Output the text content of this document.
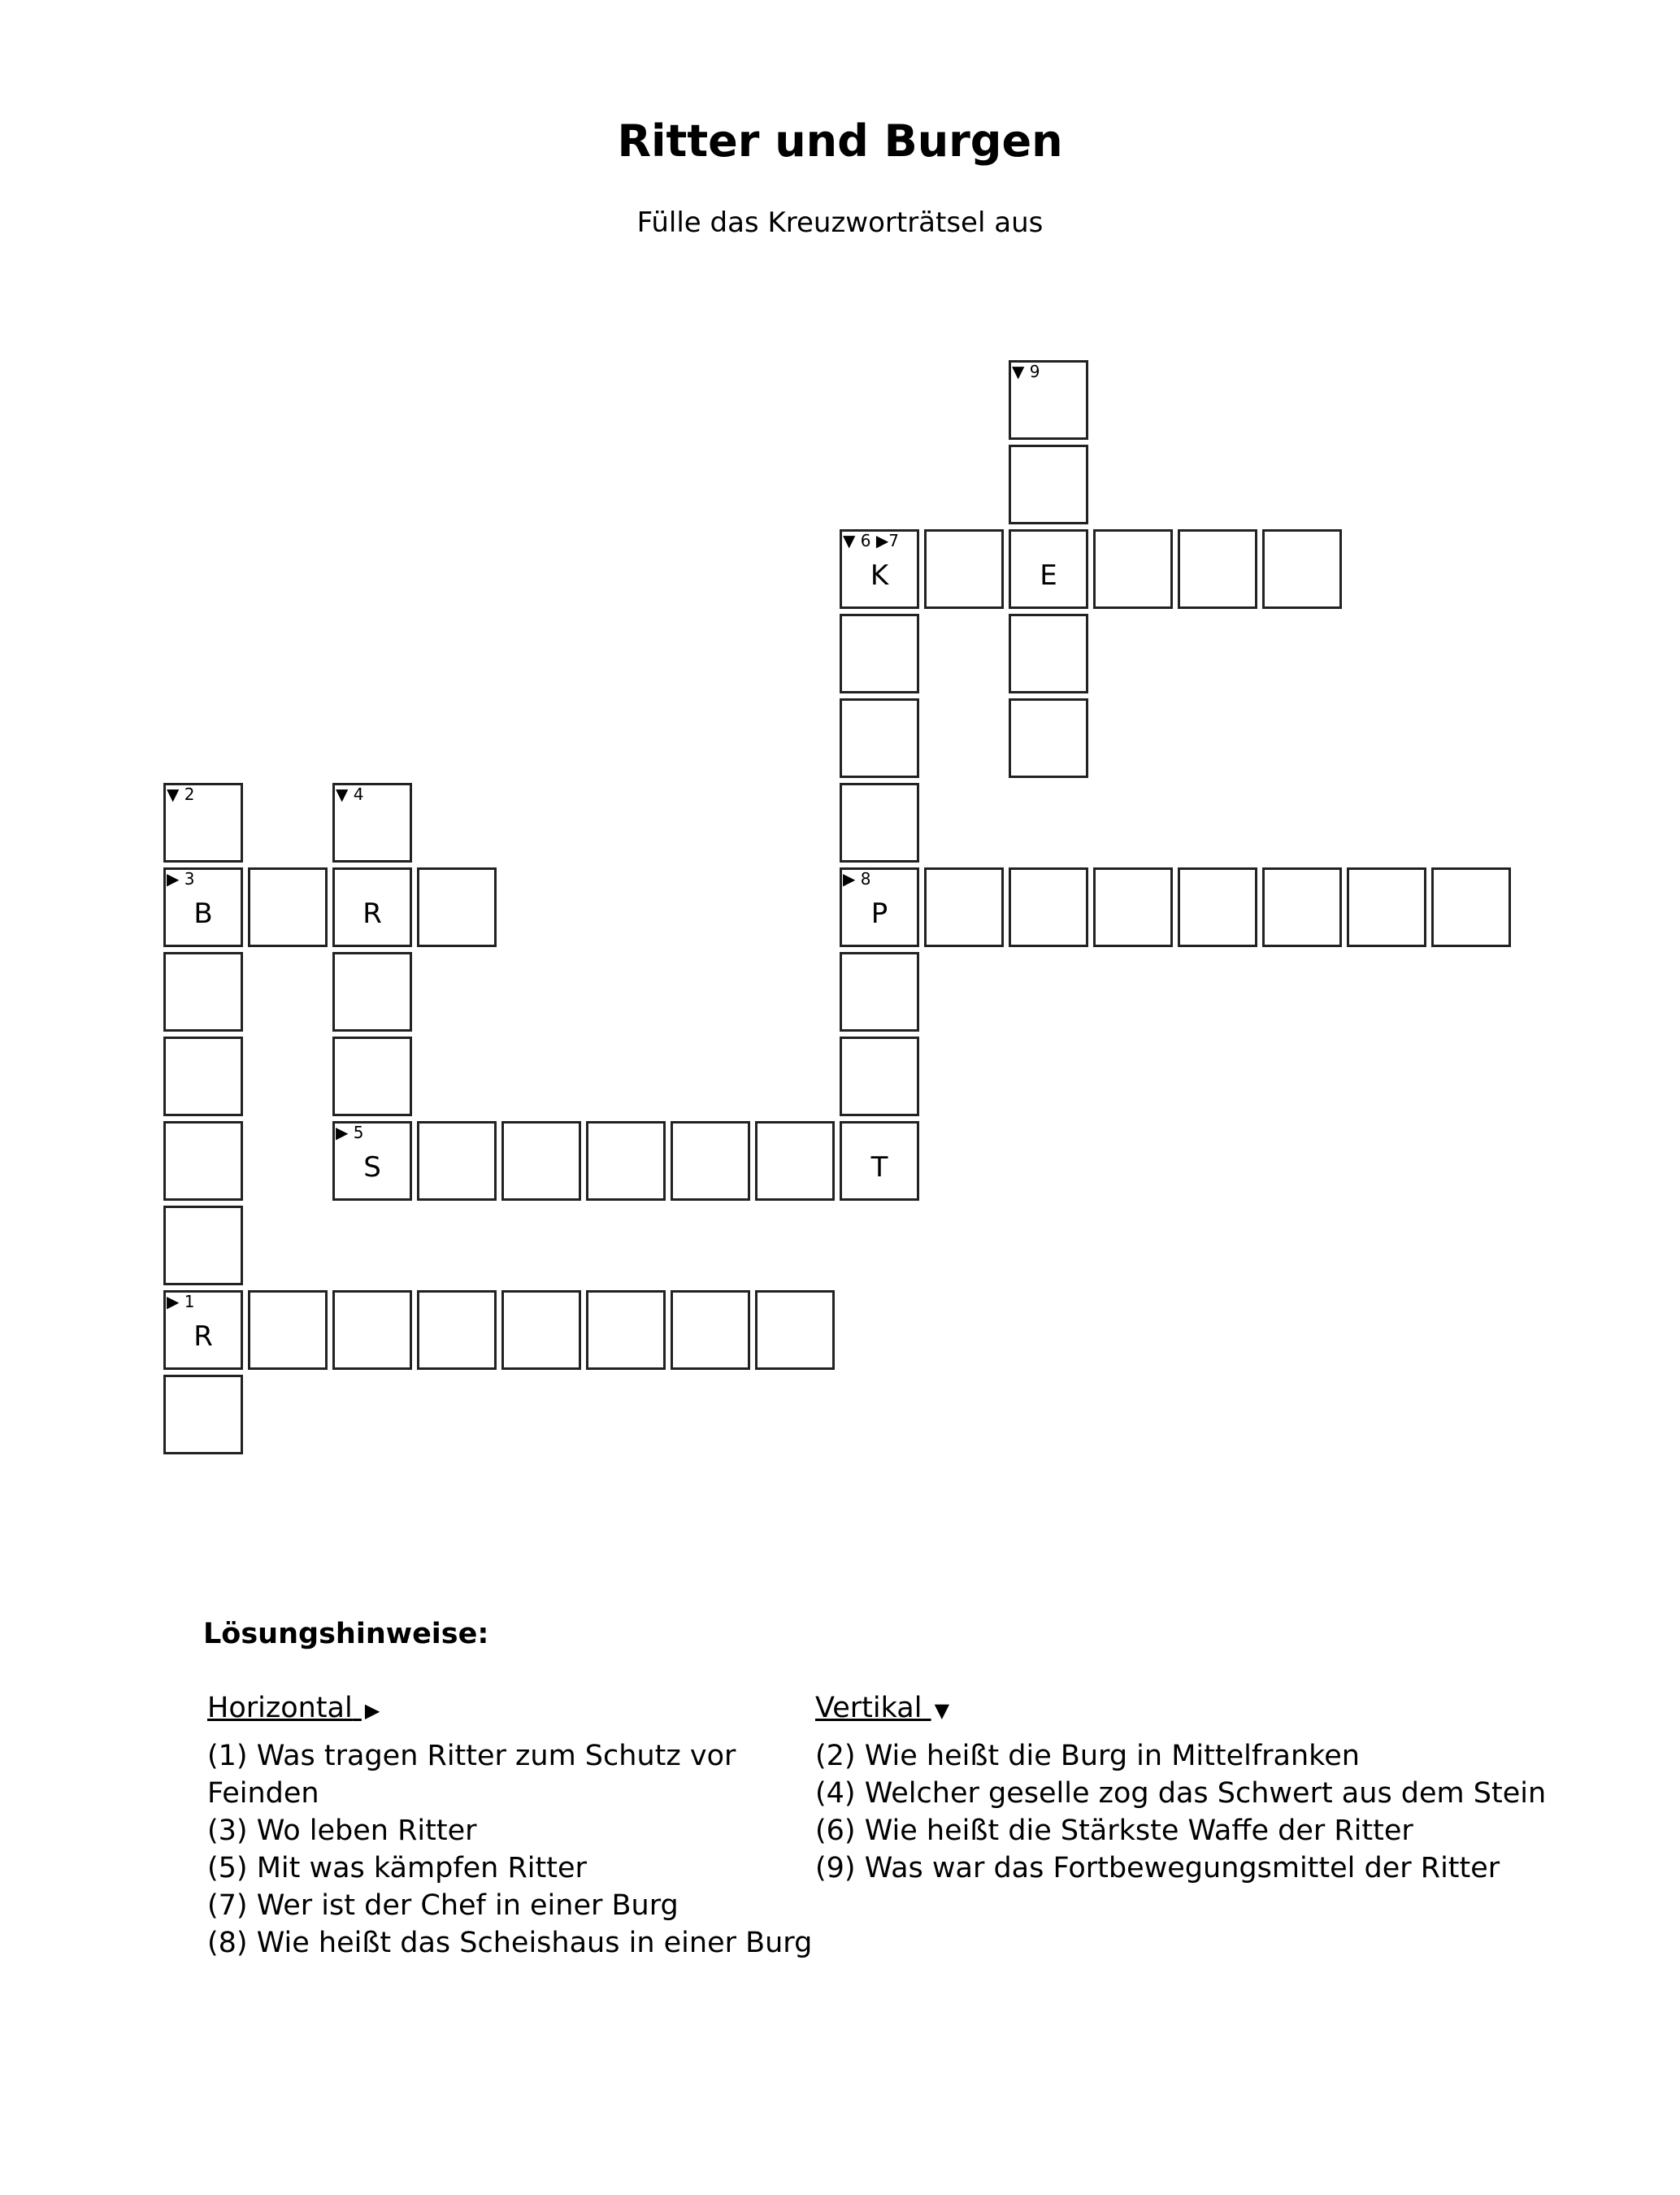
Ritter und Burgen
Fülle das Kreuzworträtsel aus
▼ 9
▼ 6 ▶7
K	E
▼ 2	▼ 4
▶ 3
B	R
▶ 8
P
▶ 5
S	T
▶ 1
R
Lösungshinweise:
Horizontal ▶
(1) Was tragen Ritter zum Schutz vor Feinden
(3) Wo leben Ritter
(5) Mit was kämpfen Ritter
(7) Wer ist der Chef in einer Burg
(8) Wie heißt das Scheishaus in einer Burg
Vertikal ▼
(2) Wie heißt die Burg in Mittelfranken
(4) Welcher geselle zog das Schwert aus dem Stein
(6) Wie heißt die Stärkste Waffe der Ritter
(9) Was war das Fortbewegungsmittel der Ritter
